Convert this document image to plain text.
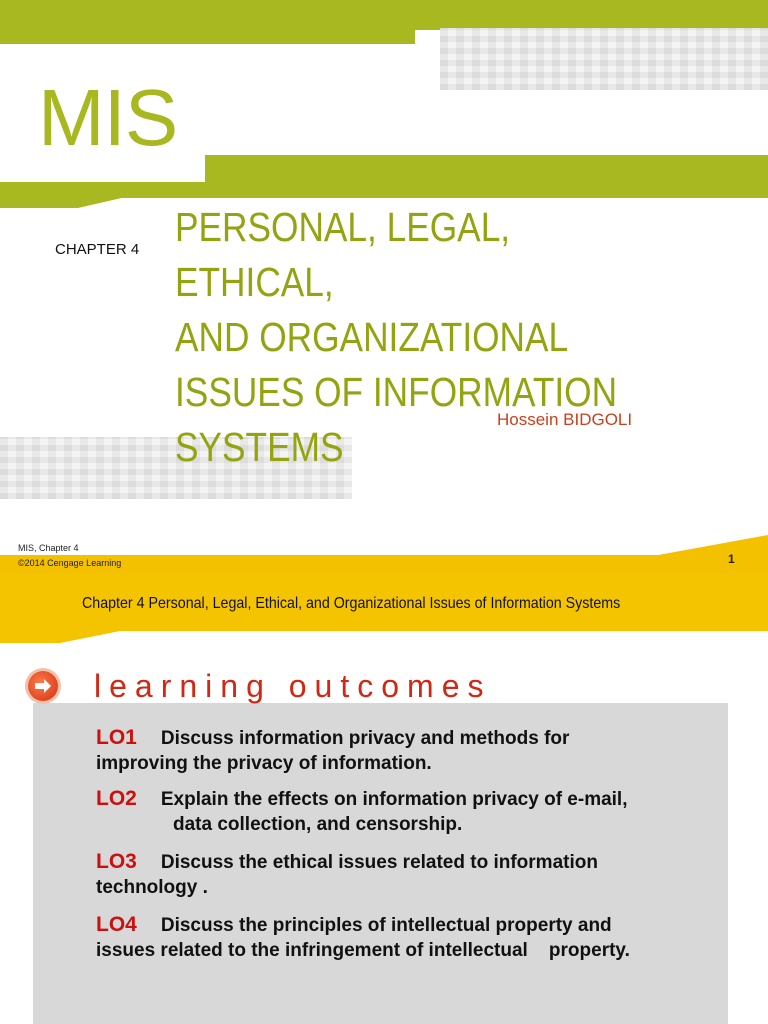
MIS
CHAPTER 4 PERSONAL, LEGAL, ETHICAL,
AND ORGANIZATIONAL
ISSUES OF INFORMATION
SYSTEMS
Hossein BIDGOLI
MIS, Chapter 4
©2014 Cengage Learning	1
Chapter 4 Personal, Legal, Ethical, and Organizational Issues of Information Systems
learning outcomes
LO1 Discuss information privacy and methods for
improving the privacy of information.
LO2 Explain the effects on information privacy of e-mail,

data collection, and censorship.
LO3 Discuss the ethical issues related to information
technology .
LO4 Discuss the principles of intellectual property and
issues related to the infringement of intellectual    property.
